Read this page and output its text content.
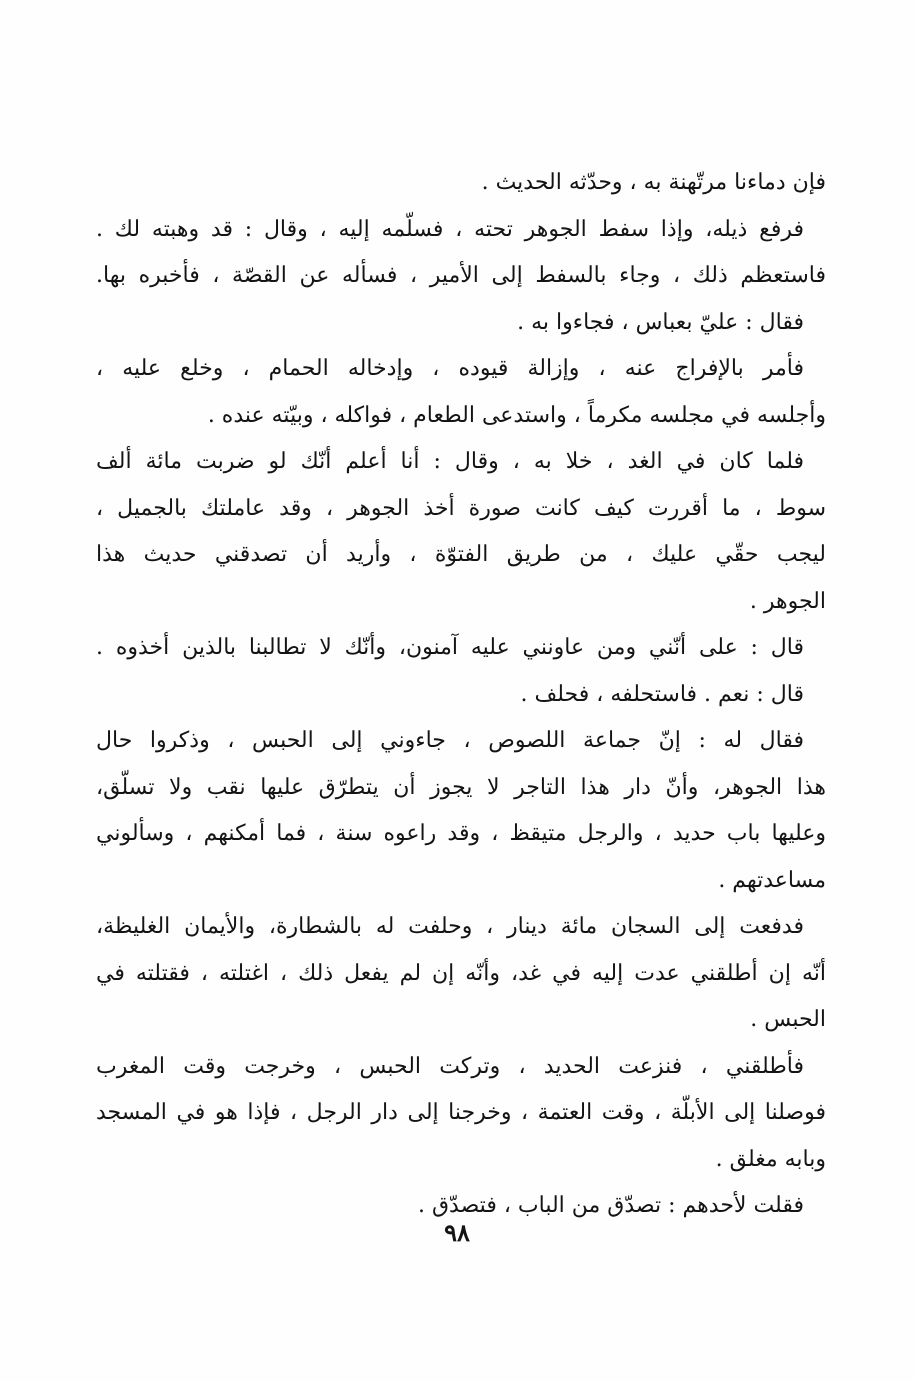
فإن دماءنا مرتّهنة به ، وحدّثه الحديث .
فرفع ذيله، وإذا سفط الجوهر تحته ، فسلّمه إليه ، وقال : قد وهبته لك .
فاستعظم ذلك ، وجاء بالسفط إلى الأمير ، فسأله عن القصّة ، فأخبره بها.
فقال : عليّ بعباس ، فجاءوا به .
فأمر بالإفراج عنه ، وإزالة قيوده ، وإدخاله الحمام ، وخلع عليه ،
وأجلسه في مجلسه مكرماً ، واستدعى الطعام ، فواكله ، وبيّته عنده .
فلما كان في الغد ، خلا به ، وقال : أنا أعلم أنّك لو ضربت مائة ألف
سوط ، ما أقررت كيف كانت صورة أخذ الجوهر ، وقد عاملتك بالجميل ،
ليجب حقّي عليك ، من طريق الفتوّة ، وأريد أن تصدقني حديث هذا
الجوهر .
قال : على أنّني ومن عاونني عليه آمنون، وأنّك لا تطالبنا بالذين أخذوه .
قال : نعم . فاستحلفه ، فحلف .
فقال له : إنّ جماعة اللصوص ، جاءوني إلى الحبس ، وذكروا حال
هذا الجوهر، وأنّ دار هذا التاجر لا يجوز أن يتطرّق عليها نقب ولا تسلّق،
وعليها باب حديد ، والرجل متيقظ ، وقد راعوه سنة ، فما أمكنهم ، وسألوني
مساعدتهم .
فدفعت إلى السجان مائة دينار ، وحلفت له بالشطارة، والأيمان الغليظة،
أنّه إن أطلقني عدت إليه في غد، وأنّه إن لم يفعل ذلك ، اغتلته ، فقتلته في
الحبس .
فأطلقني ، فنزعت الحديد ، وتركت الحبس ، وخرجت وقت المغرب
فوصلنا إلى الأبلّة ، وقت العتمة ، وخرجنا إلى دار الرجل ، فإذا هو في المسجد
وبابه مغلق .
فقلت لأحدهم : تصدّق من الباب ، فتصدّق .
٩٨
